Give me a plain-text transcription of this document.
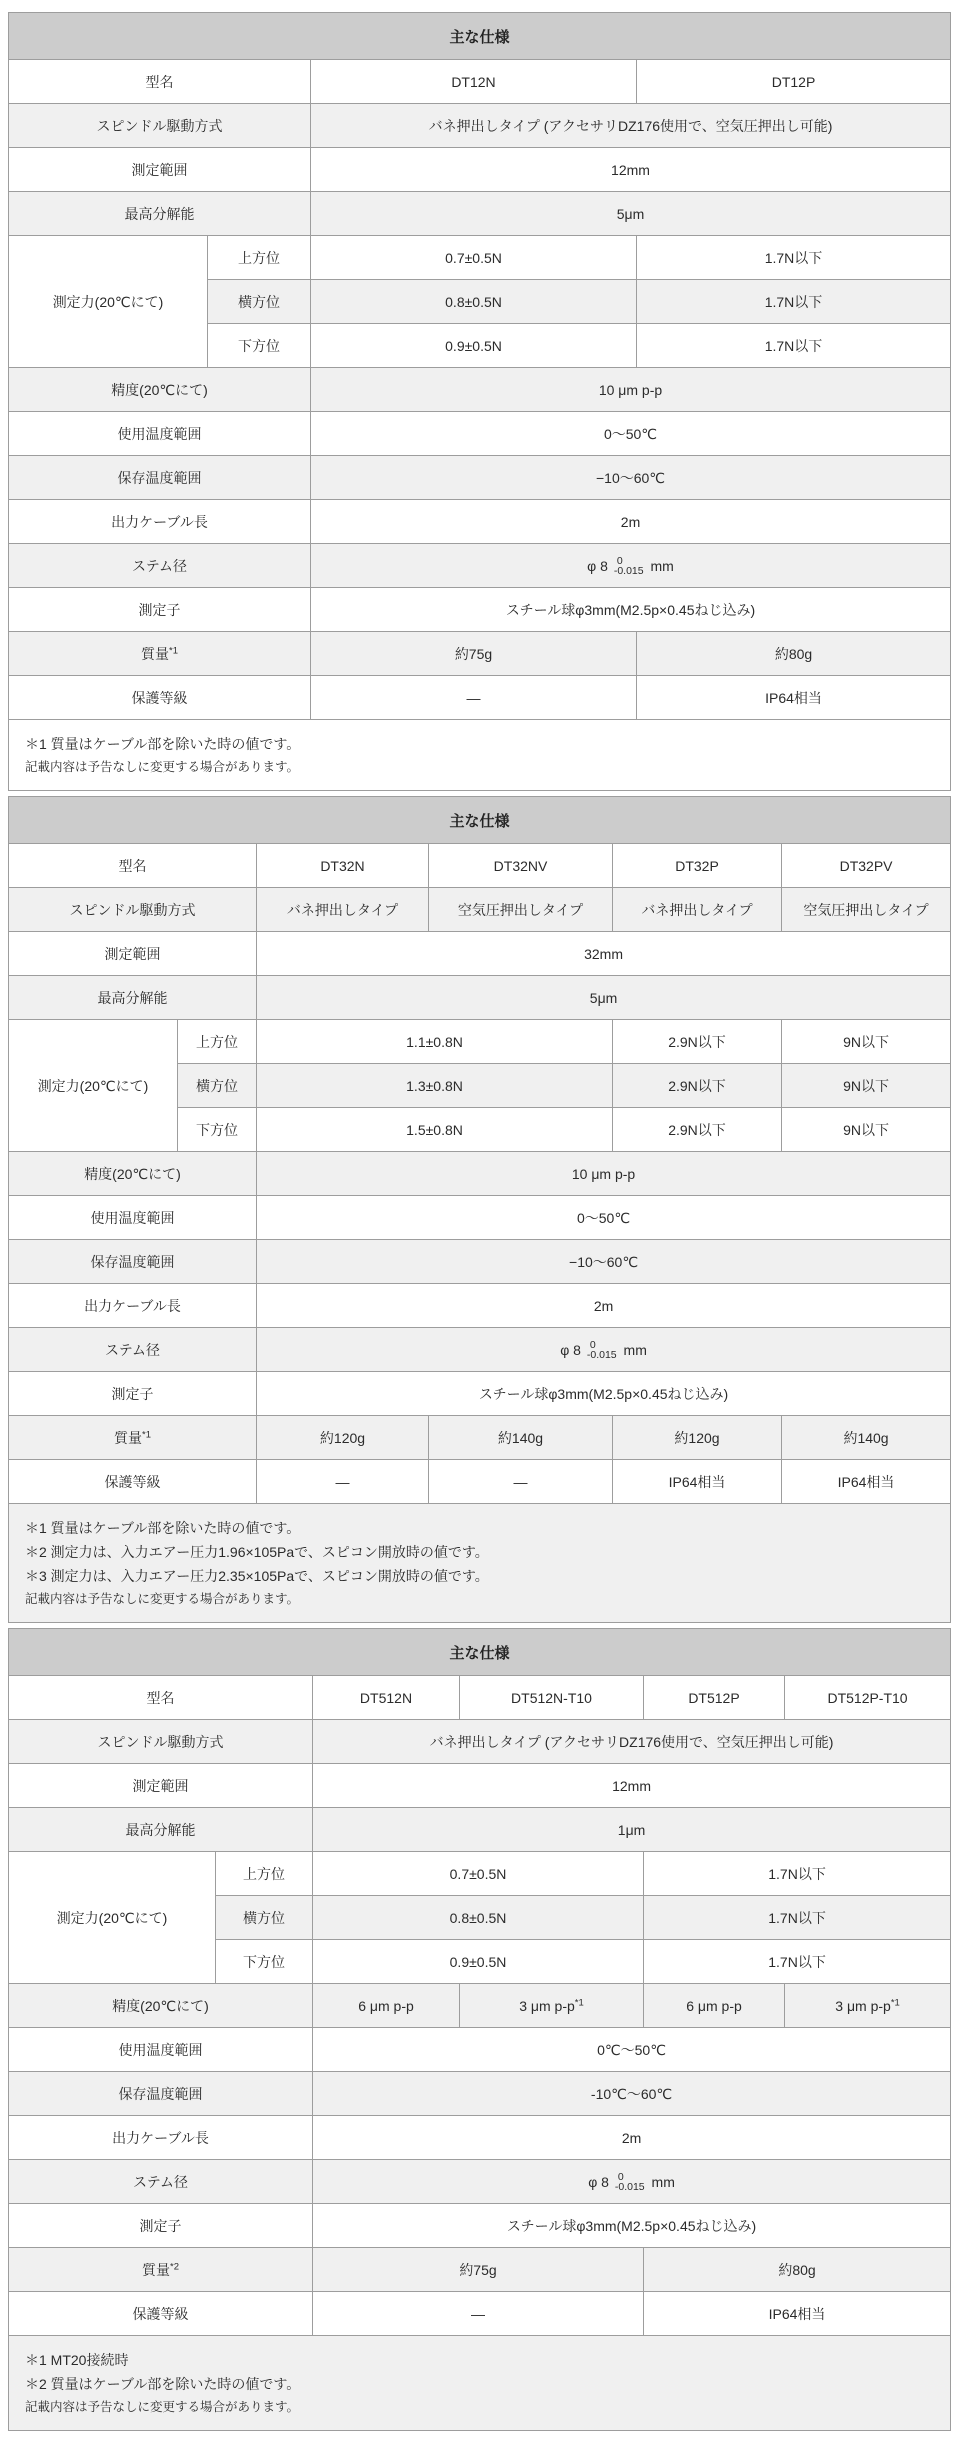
主な仕様			
型名		DT12N	DT12P
スピンドル駆動方式		バネ押出しタイプ (アクセサリDZ176使用で、空気圧押出し可能)	
測定範囲		12mm	
最高分解能		5μm	
測定力(20℃にて)	上方位	0.7±0.5N	1.7N以下
	横方位	0.8±0.5N	1.7N以下
	下方位	0.9±0.5N	1.7N以下
精度(20℃にて)		10 μm p-p	
使用温度範囲		0〜50℃	
保存温度範囲		−10〜60℃	
出力ケーブル長		2m	
ステム径		φ 8 0
-0.015 mm	
測定子		スチール球φ3mm(M2.5p×0.45ねじ込み)	
質量$^{*1}$		約75g	約80g
保護等級		―	IP64相当

＊1 質量はケーブル部を除いた時の値です。
記載内容は予告なしに変更する場合があります。			
主な仕様					
型名		DT32N	DT32NV	DT32P	DT32PV
スピンドル駆動方式		バネ押出しタイプ	空気圧押出しタイプ	バネ押出しタイプ	空気圧押出しタイプ
測定範囲		32mm			
最高分解能		5μm			
測定力(20℃にて)	上方位	1.1±0.8N		2.9N以下	9N以下
	横方位	1.3±0.8N		2.9N以下	9N以下
	下方位	1.5±0.8N		2.9N以下	9N以下
精度(20℃にて)		10 μm p-p			
使用温度範囲		0〜50℃			
保存温度範囲		−10〜60℃			
出力ケーブル長		2m			
ステム径		φ 8 0
-0.015 mm			
測定子		スチール球φ3mm(M2.5p×0.45ねじ込み)			
質量$^{*1}$		約120g	約140g	約120g	約140g
保護等級		―	―	IP64相当	IP64相当

＊1 質量はケーブル部を除いた時の値です。
＊2 測定力は、入力エアー圧力1.96×105Paで、スピコン開放時の値です。
＊3 測定力は、入力エアー圧力2.35×105Paで、スピコン開放時の値です。
記載内容は予告なしに変更する場合があります。					
主な仕様					
型名		DT512N	DT512N-T10	DT512P	DT512P-T10
スピンドル駆動方式		バネ押出しタイプ (アクセサリDZ176使用で、空気圧押出し可能)			
測定範囲		12mm			
最高分解能		1μm			
測定力(20℃にて)	上方位	0.7±0.5N		1.7N以下	
	横方位	0.8±0.5N		1.7N以下	
	下方位	0.9±0.5N		1.7N以下	
精度(20℃にて)		6 μm p-p	3 μm $p-p^{*1}$	6 μm p-p	3 μm $p-p^{*1}$
使用温度範囲		0℃〜50℃			
保存温度範囲		-10℃〜60℃			
出力ケーブル長		2m			
ステム径		φ 8 0
-0.015 mm			
測定子		スチール球φ3mm(M2.5p×0.45ねじ込み)			
質量$^{*2}$		約75g		約80g	
保護等級		―		IP64相当	

＊1 MT20接続時
＊2 質量はケーブル部を除いた時の値です。
記載内容は予告なしに変更する場合があります。					
